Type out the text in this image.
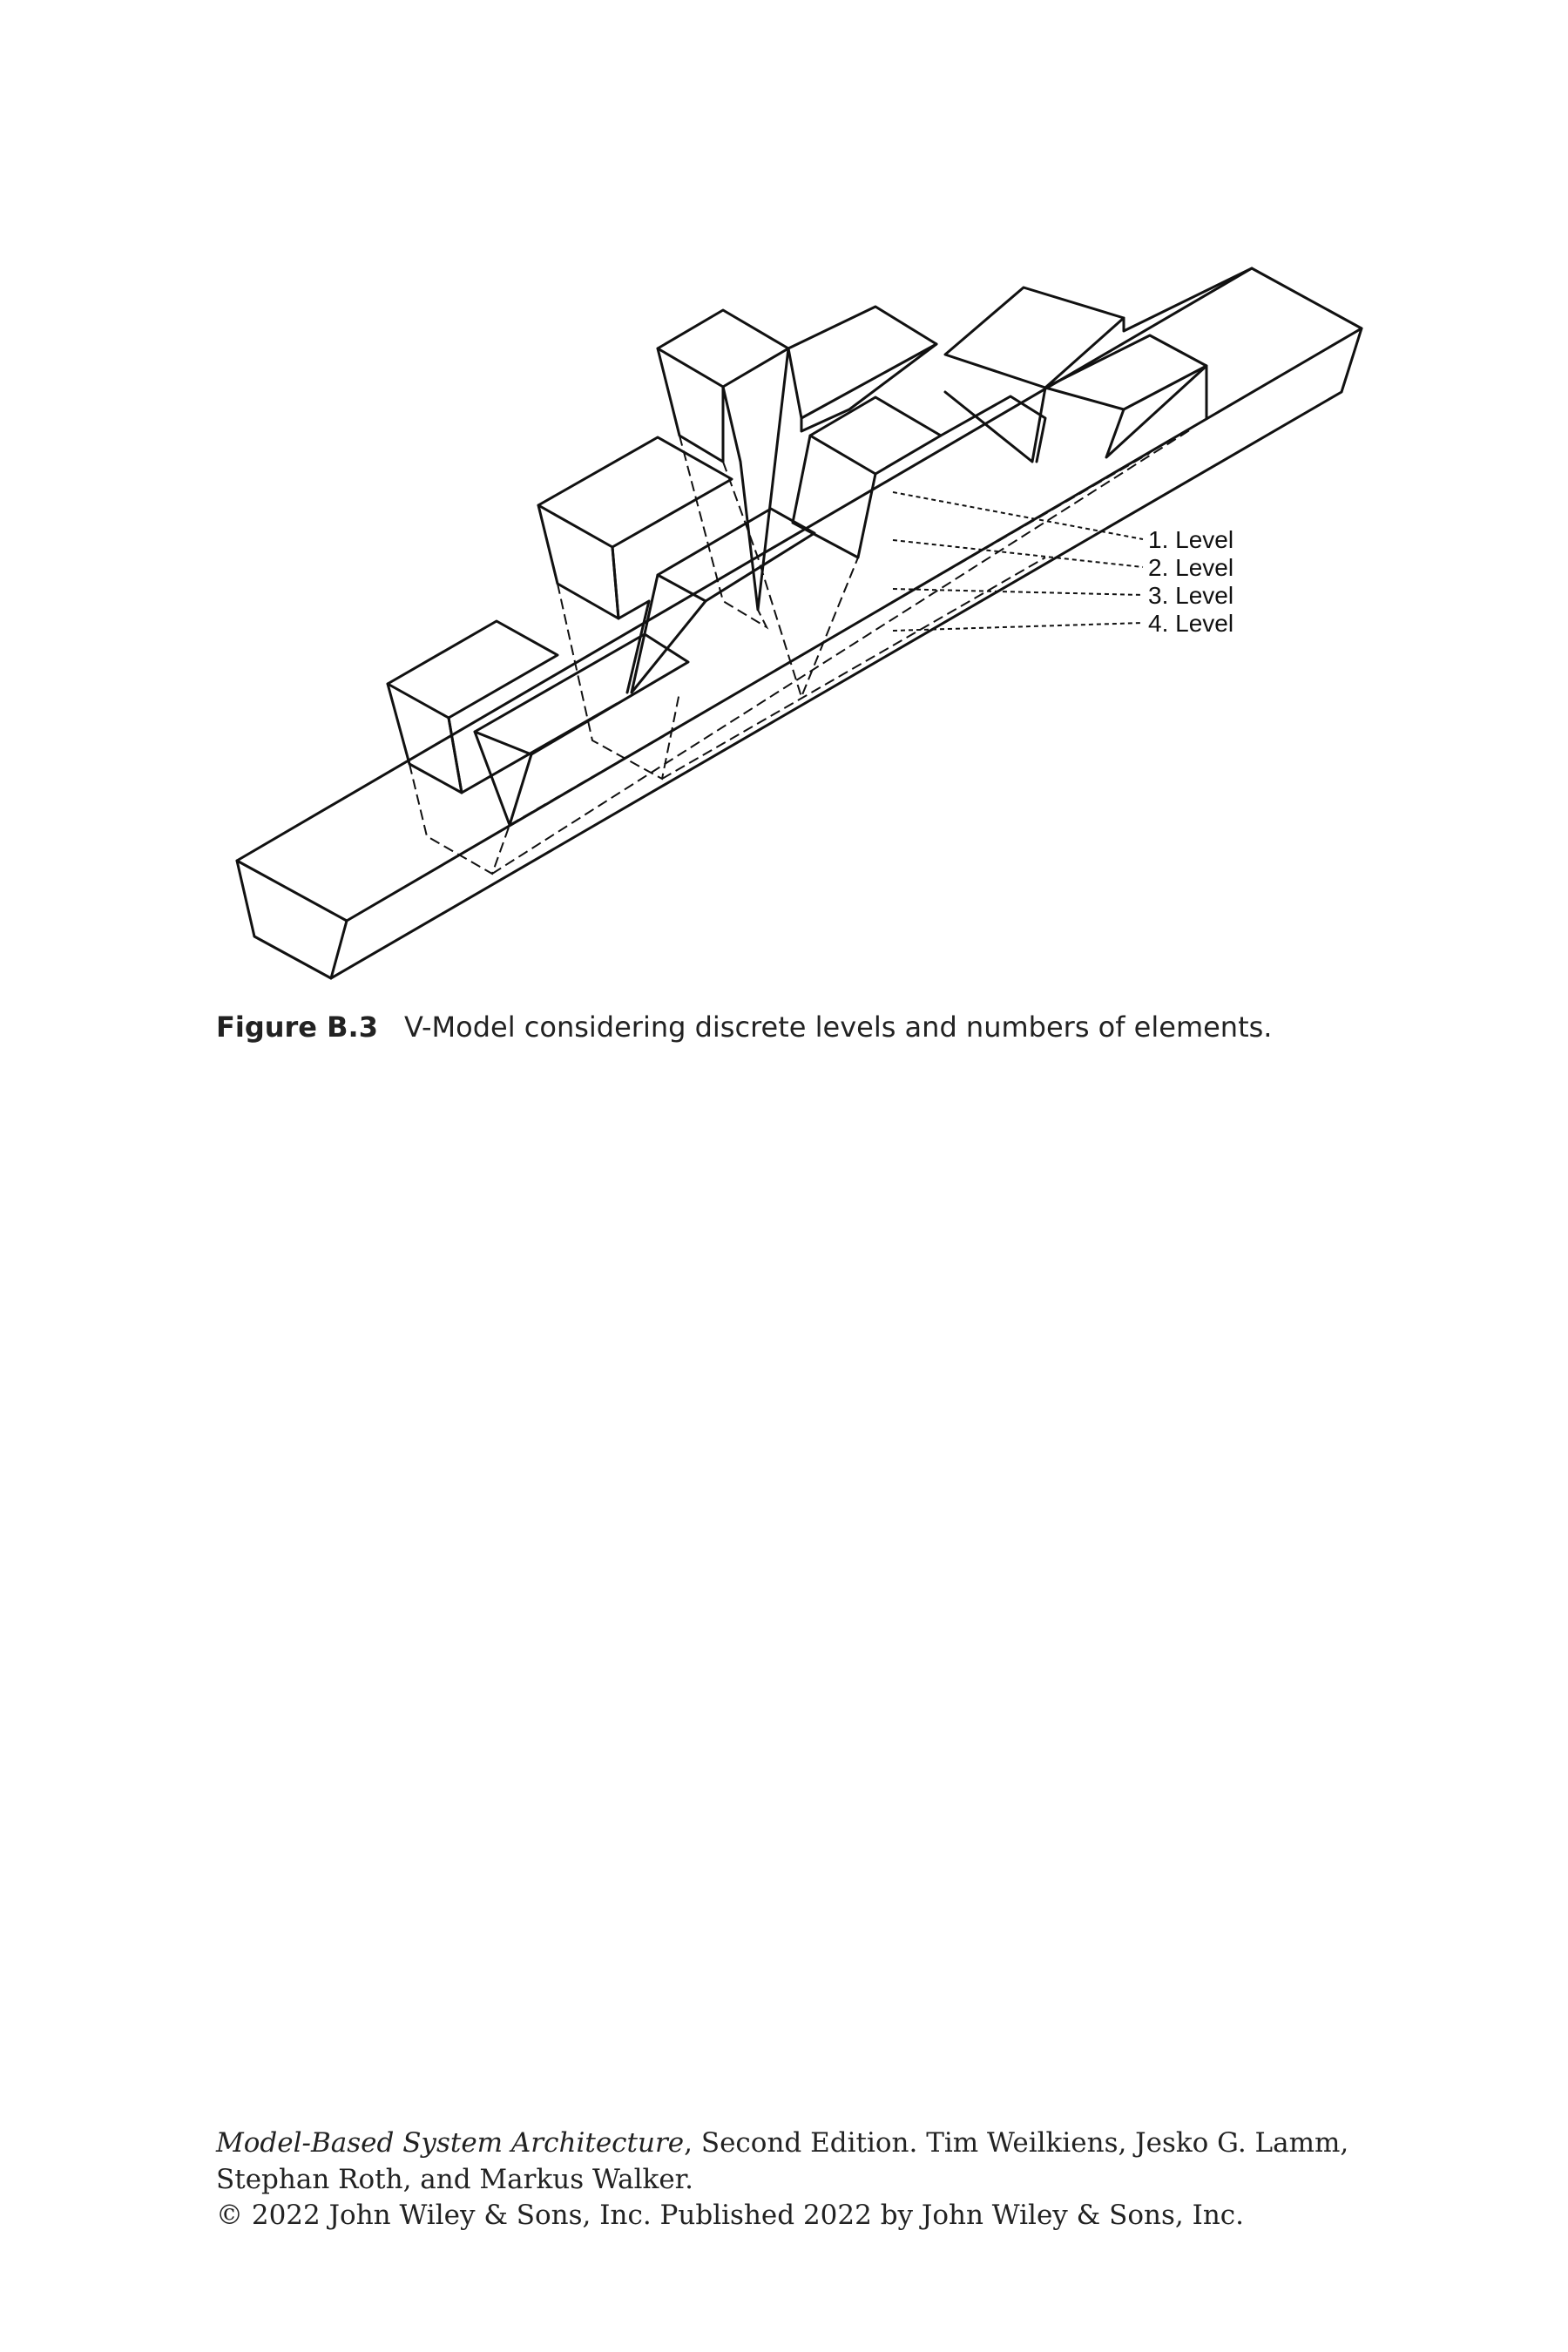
1. Level
2. Level
3. Level
4. Level
Figure B.3 V-Model considering discrete levels and numbers of elements.
Model-Based System Architecture, Second Edition. Tim Weilkiens, Jesko G. Lamm,
Stephan Roth, and Markus Walker.
© 2022 John Wiley & Sons, Inc. Published 2022 by John Wiley & Sons, Inc.
